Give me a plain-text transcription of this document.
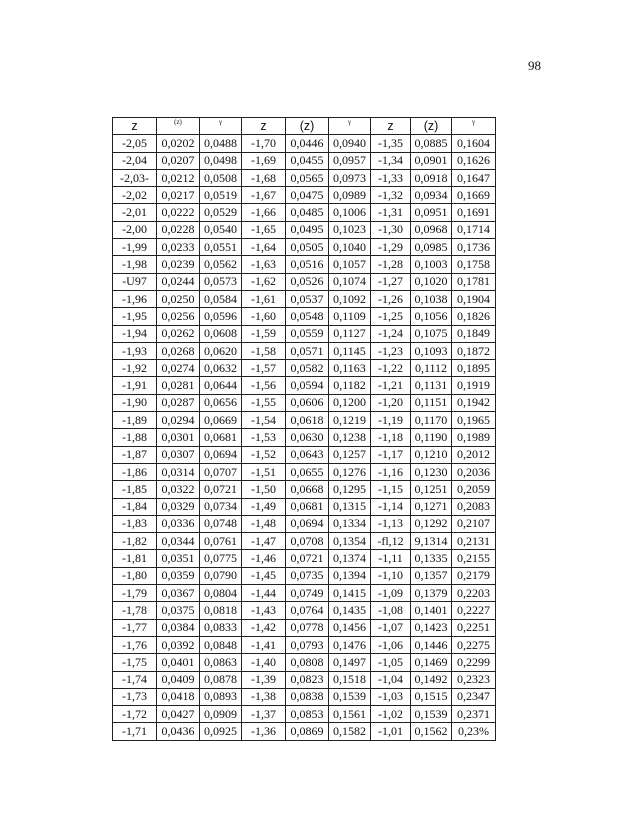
98
z	(z)	γ	z	(z)	γ	z	(z)	γ
-2,05	0,0202	0,0488	-1,70	0,0446	0,0940	-1,35	0,0885	0,1604
-2,04	0,0207	0,0498	-1,69	0,0455	0,0957	-1,34	0,0901	0,1626
-2,03-	0,0212	0,0508	-1,68	0,0565	0,0973	-1,33	0,0918	0,1647
-2,02	0,0217	0,0519	-1,67	0,0475	0,0989	-1,32	0,0934	0,1669
-2,01	0,0222	0,0529	-1,66	0,0485	0,1006	-1,31	0,0951	0,1691
-2,00	0,0228	0,0540	-1,65	0,0495	0,1023	-1,30	0,0968	0,1714
-1,99	0,0233	0,0551	-1,64	0,0505	0,1040	-1,29	0,0985	0,1736
-1,98	0,0239	0,0562	-1,63	0,0516	0,1057	-1,28	0,1003	0,1758
-U97	0,0244	0,0573	-1,62	0,0526	0,1074	-1,27	0,1020	0,1781
-1,96	0,0250	0,0584	-1,61	0,0537	0,1092	-1,26	0,1038	0,1904
-1,95	0,0256	0,0596	-1,60	0,0548	0,1109	-1,25	0,1056	0,1826
-1,94	0,0262	0,0608	-1,59	0,0559	0,1127	-1,24	0,1075	0,1849
-1,93	0,0268	0,0620	-1,58	0,0571	0,1145	-1,23	0,1093	0,1872
-1,92	0,0274	0,0632	-1,57	0,0582	0,1163	-1,22	0,1112	0,1895
-1,91	0,0281	0,0644	-1,56	0,0594	0,1182	-1,21	0,1131	0,1919
-1,90	0,0287	0,0656	-1,55	0,0606	0,1200	-1,20	0,1151	0,1942
-1,89	0,0294	0,0669	-1,54	0,0618	0,1219	-1,19	0,1170	0,1965
-1,88	0,0301	0,0681	-1,53	0,0630	0,1238	-1,18	0,1190	0,1989
-1,87	0,0307	0,0694	-1,52	0,0643	0,1257	-1,17	0,1210	0,2012
-1,86	0,0314	0,0707	-1,51	0,0655	0,1276	-1,16	0,1230	0,2036
-1,85	0,0322	0,0721	-1,50	0,0668	0,1295	-1,15	0,1251	0,2059
-1,84	0,0329	0,0734	-1,49	0,0681	0,1315	-1,14	0,1271	0,2083
-1,83	0,0336	0,0748	-1,48	0,0694	0,1334	-1,13	0,1292	0,2107
-1,82	0,0344	0,0761	-1,47	0,0708	0,1354	-fl,12	9,1314	0,2131
-1,81	0,0351	0,0775	-1,46	0,0721	0,1374	-1,11	0,1335	0,2155
-1,80	0,0359	0,0790	-1,45	0,0735	0,1394	-1,10	0,1357	0,2179
-1,79	0,0367	0,0804	-1,44	0,0749	0,1415	-1,09	0,1379	0,2203
-1,78	0,0375	0,0818	-1,43	0,0764	0,1435	-1,08	0,1401	0,2227
-1,77	0,0384	0,0833	-1,42	0,0778	0,1456	-1,07	0,1423	0,2251
-1,76	0,0392	0,0848	-1,41	0,0793	0,1476	-1,06	0,1446	0,2275
-1,75	0,0401	0,0863	-1,40	0,0808	0,1497	-1,05	0,1469	0,2299
-1,74	0,0409	0,0878	-1,39	0,0823	0,1518	-1,04	0,1492	0,2323
-1,73	0,0418	0,0893	-1,38	0,0838	0,1539	-1,03	0,1515	0,2347
-1,72	0,0427	0,0909	-1,37	0,0853	0,1561	-1,02	0,1539	0,2371
-1,71	0,0436	0,0925	-1,36	0,0869	0,1582	-1,01	0,1562	0,23%
